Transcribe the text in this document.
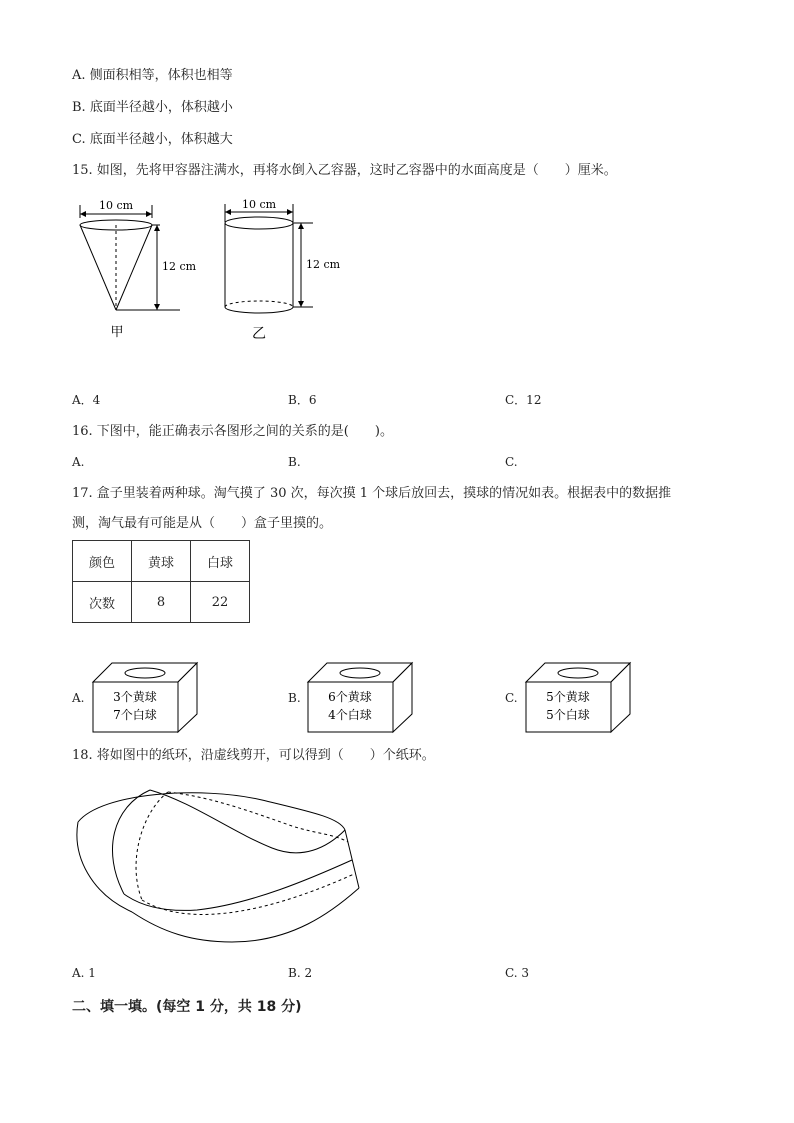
A. 侧面积相等，体积也相等
B. 底面半径越小，体积越小
C. 底面半径越小，体积越大
15. 如图，先将甲容器注满水，再将水倒入乙容器，这时乙容器中的水面高度是（　　）厘米。
10 cm
12 cm
甲
10 cm
12 cm
乙
A．4	B．6	C．12
16. 下图中，能正确表示各图形之间的关系的是(　　)。
A.	B.	C.
17. 盒子里装着两种球。淘气摸了 30 次，每次摸 1 个球后放回去，摸球的情况如表。根据表中的数据推
测，淘气最有可能是从（　　）盒子里摸的。
颜色	黄球	白球
次数	8	22
A. 3个黄球
7个白球
B. 6个黄球
4个白球
C. 5个黄球
5个白球
18. 将如图中的纸环，沿虚线剪开，可以得到（　　）个纸环。
A. 1	B. 2	C. 3
二、填一填。(每空 1 分，共 18 分)
